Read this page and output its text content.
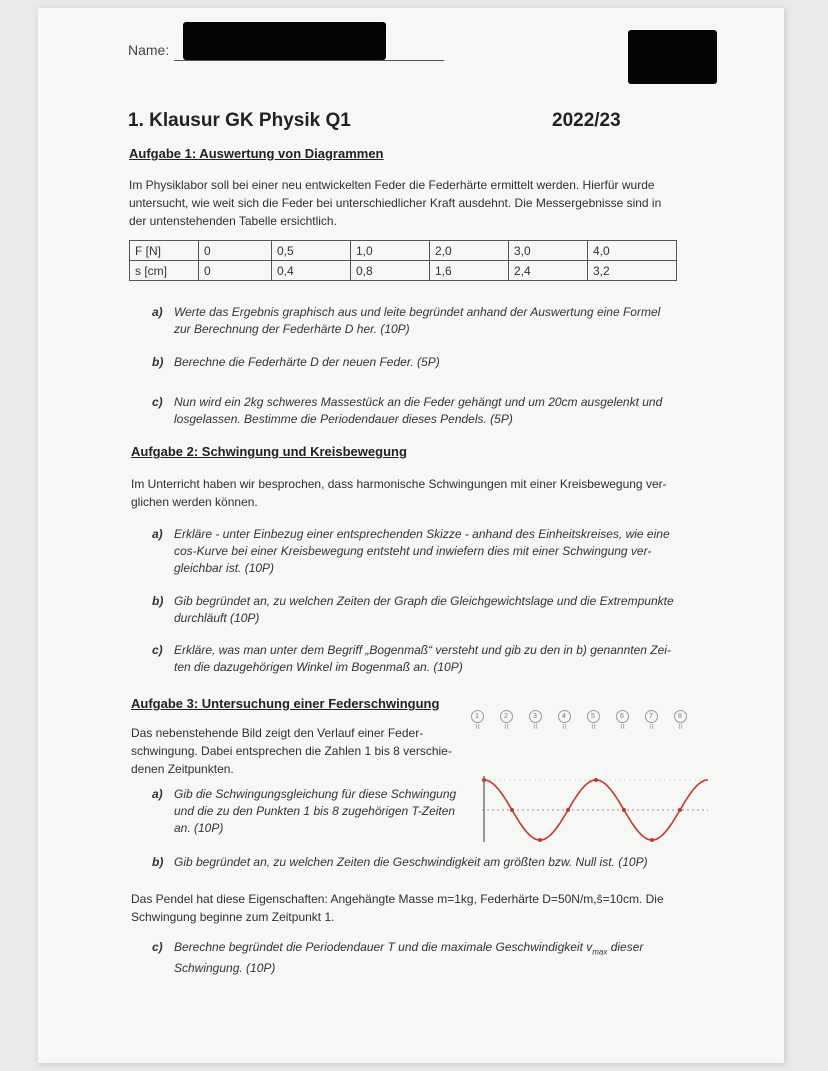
Name:
1. Klausur GK Physik Q1	2022/23
Aufgabe 1: Auswertung von Diagrammen
Im Physiklabor soll bei einer neu entwickelten Feder die Federhärte ermittelt werden. Hierfür wurde
untersucht, wie weit sich die Feder bei unterschiedlicher Kraft ausdehnt. Die Messergebnisse sind in
der untenstehenden Tabelle ersichtlich.
F [N]	0	0,5	1,0	2,0	3,0	4,0
s [cm]	0	0,4	0,8	1,6	2,4	3,2
a) Werte das Ergebnis graphisch aus und leite begründet anhand der Auswertung eine Formel
zur Berechnung der Federhärte D her. (10P)
b) Berechne die Federhärte D der neuen Feder. (5P)
c) Nun wird ein 2kg schweres Massestück an die Feder gehängt und um 20cm ausgelenkt und
losgelassen. Bestimme die Periodendauer dieses Pendels. (5P)
Aufgabe 2: Schwingung und Kreisbewegung
Im Unterricht haben wir besprochen, dass harmonische Schwingungen mit einer Kreisbewegung ver-
glichen werden können.
a) Erkläre - unter Einbezug einer entsprechenden Skizze - anhand des Einheitskreises, wie eine
cos-Kurve bei einer Kreisbewegung entsteht und inwiefern dies mit einer Schwingung ver-
gleichbar ist. (10P)
b) Gib begründet an, zu welchen Zeiten der Graph die Gleichgewichtslage und die Extrempunkte
durchläuft (10P)
c) Erkläre, was man unter dem Begriff „Bogenmaß“ versteht und gib zu den in b) genannten Zei-
ten die dazugehörigen Winkel im Bogenmaß an. (10P)
Aufgabe 3: Untersuchung einer Federschwingung
Das nebenstehende Bild zeigt den Verlauf einer Feder-
schwingung. Dabei entsprechen die Zahlen 1 bis 8 verschie-
denen Zeitpunkten.
1
⌇⌇
2
⌇⌇
3
⌇⌇
4
⌇⌇
5
⌇⌇
6
⌇⌇
7
⌇⌇
8
⌇⌇
a) Gib die Schwingungsgleichung für diese Schwingung
und die zu den Punkten 1 bis 8 zugehörigen T-Zeiten
an. (10P)
b) Gib begründet an, zu welchen Zeiten die Geschwindigkeit am größten bzw. Null ist. (10P)
Das Pendel hat diese Eigenschaften: Angehängte Masse m=1kg, Federhärte D=50N/m,ŝ=10cm. Die
Schwingung beginne zum Zeitpunkt 1.
c) Berechne begründet die Periodendauer T und die maximale Geschwindigkeit $v_{max}$ dieser
Schwingung. (10P)
